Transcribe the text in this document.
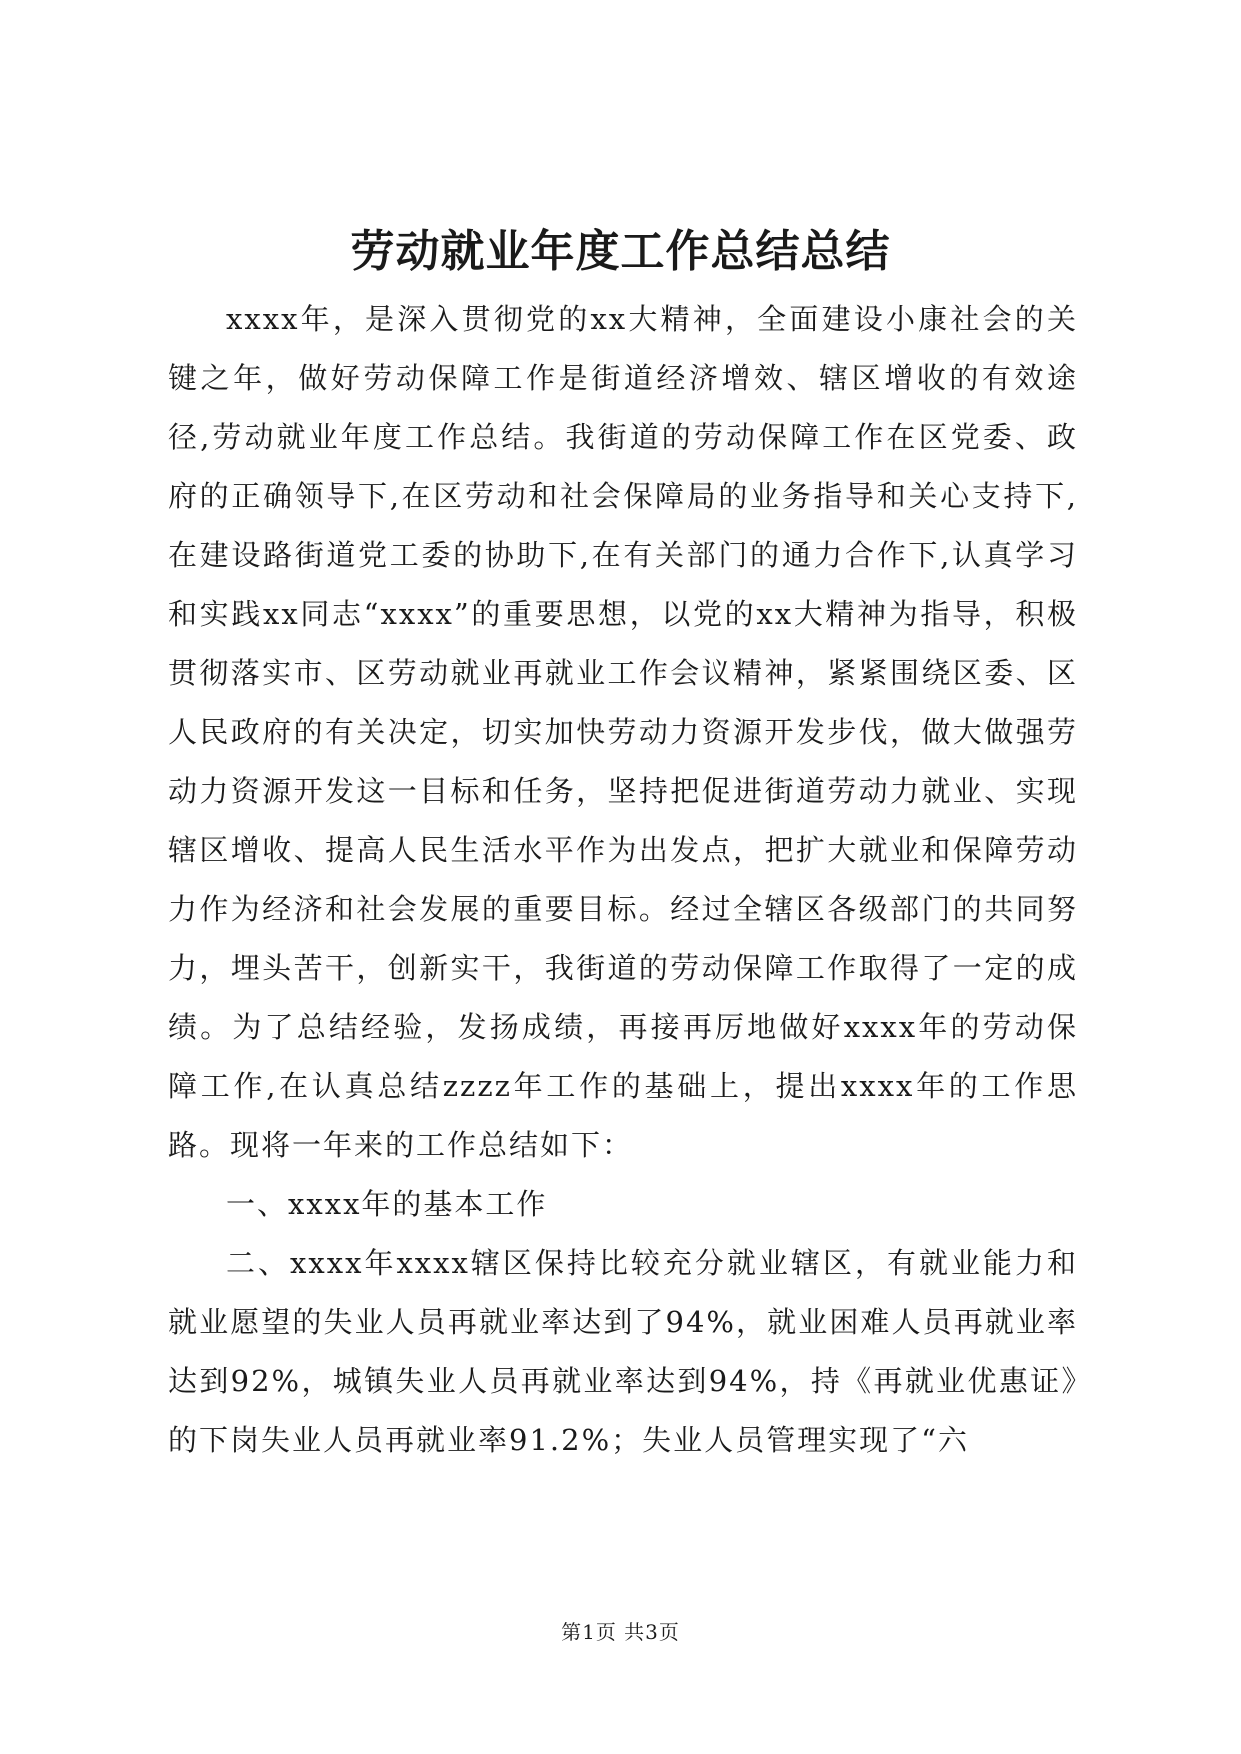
劳动就业年度工作总结总结

xxxx年，是深入贯彻党的xx大精神，全面建设小康社会的关键之年，做好劳动保障工作是街道经济增效、辖区增收的有效途径,劳动就业年度工作总结。我街道的劳动保障工作在区党委、政府的正确领导下,在区劳动和社会保障局的业务指导和关心支持下,在建设路街道党工委的协助下,在有关部门的通力合作下,认真学习和实践xx同志“xxxx”的重要思想，以党的xx大精神为指导，积极贯彻落实市、区劳动就业再就业工作会议精神，紧紧围绕区委、区人民政府的有关决定，切实加快劳动力资源开发步伐，做大做强劳动力资源开发这一目标和任务，坚持把促进街道劳动力就业、实现辖区增收、提高人民生活水平作为出发点，把扩大就业和保障劳动力作为经济和社会发展的重要目标。经过全辖区各级部门的共同努力，埋头苦干，创新实干，我街道的劳动保障工作取得了一定的成绩。为了总结经验，发扬成绩，再接再厉地做好xxxx年的劳动保障工作,在认真总结zzzz年工作的基础上，提出xxxx年的工作思路。现将一年来的工作总结如下：

一、xxxx年的基本工作

二、xxxx年xxxx辖区保持比较充分就业辖区，有就业能力和就业愿望的失业人员再就业率达到了94%，就业困难人员再就业率达到92%，城镇失业人员再就业率达到94%，持《再就业优惠证》的下岗失业人员再就业率91.2%；失业人员管理实现了“六

第1页 共3页
